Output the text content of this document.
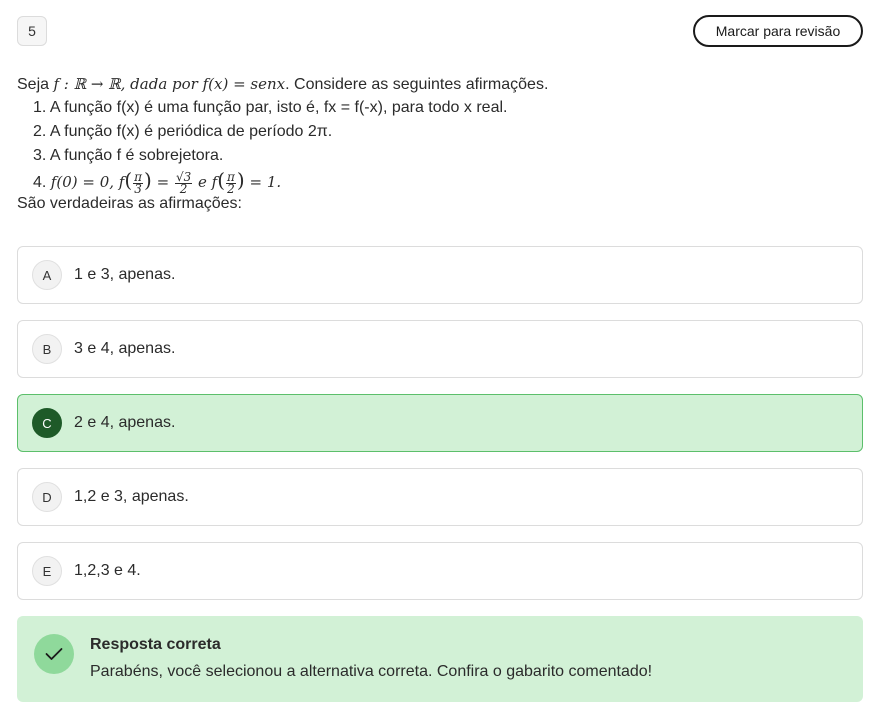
5	Marcar para revisão
Seja f : ℝ → ℝ, dada por f(x) = senx. Considere as seguintes afirmações.
1. A função f(x) é uma função par, isto é, fx = f(-x), para todo x real.
2. A função f(x) é periódica de período 2π.
3. A função f é sobrejetora.
4. f(0) = 0, $f( \frac{\pi}{3}$ ) = $\frac{√3}{2}$ e $f( \frac{\pi}{2}$ ) = 1.
São verdadeiras as afirmações:
A	1 e 3, apenas.
B	3 e 4, apenas.
C	2 e 4, apenas.
D	1,2 e 3, apenas.
E	1,2,3 e 4.
Resposta correta
Parabéns, você selecionou a alternativa correta. Confira o gabarito comentado!
